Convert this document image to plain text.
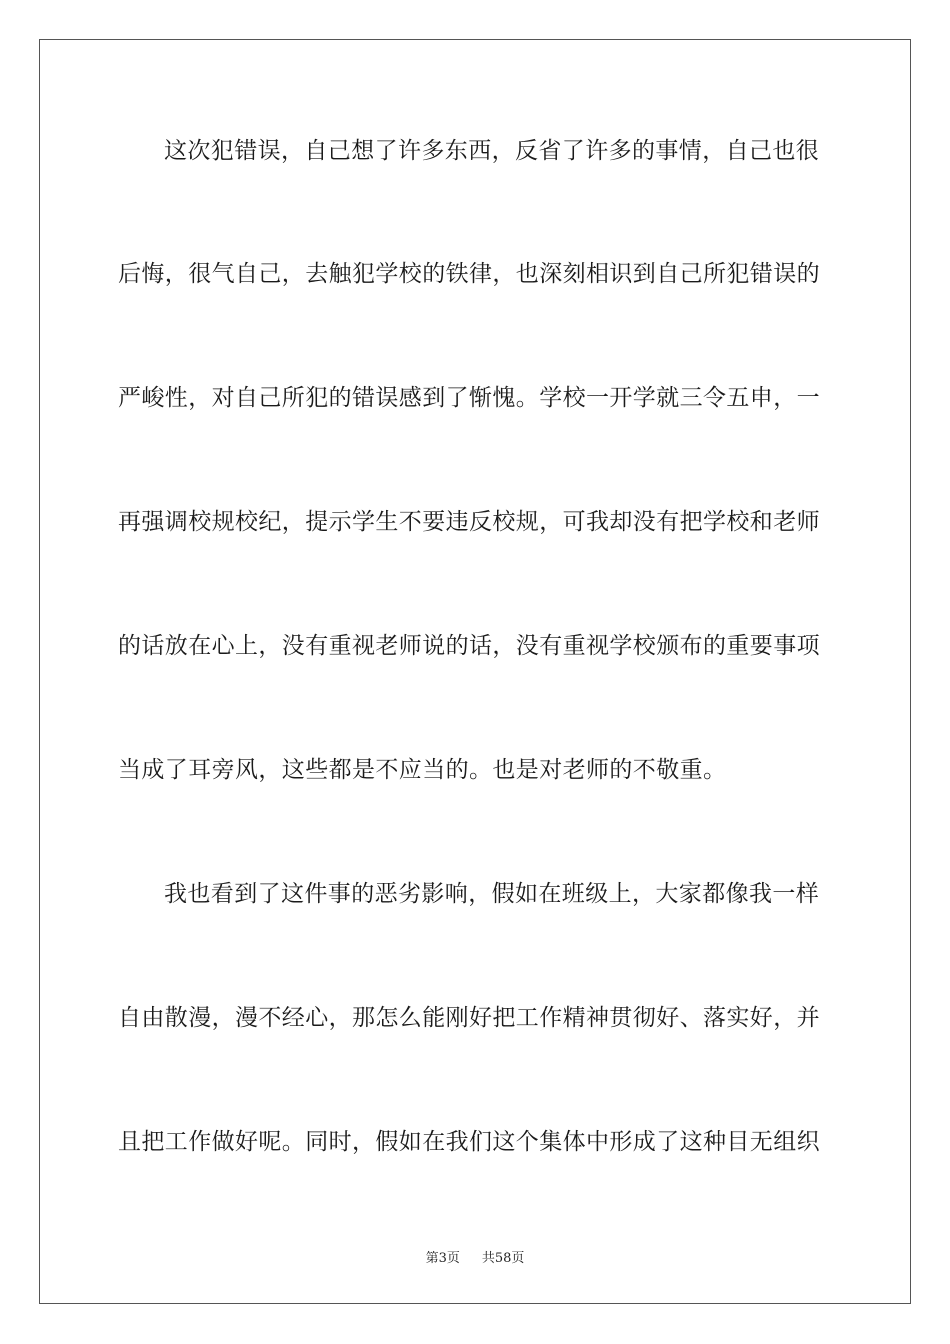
这次犯错误，自己想了许多东西，反省了许多的事情，自己也很
后悔，很气自己，去触犯学校的铁律，也深刻相识到自己所犯错误的
严峻性，对自己所犯的错误感到了惭愧。学校一开学就三令五申，一
再强调校规校纪，提示学生不要违反校规，可我却没有把学校和老师
的话放在心上，没有重视老师说的话，没有重视学校颁布的重要事项
当成了耳旁风，这些都是不应当的。也是对老师的不敬重。
我也看到了这件事的恶劣影响，假如在班级上，大家都像我一样
自由散漫，漫不经心，那怎么能刚好把工作精神贯彻好、落实好，并
且把工作做好呢。同时，假如在我们这个集体中形成了这种目无组织
第3页 共58页
